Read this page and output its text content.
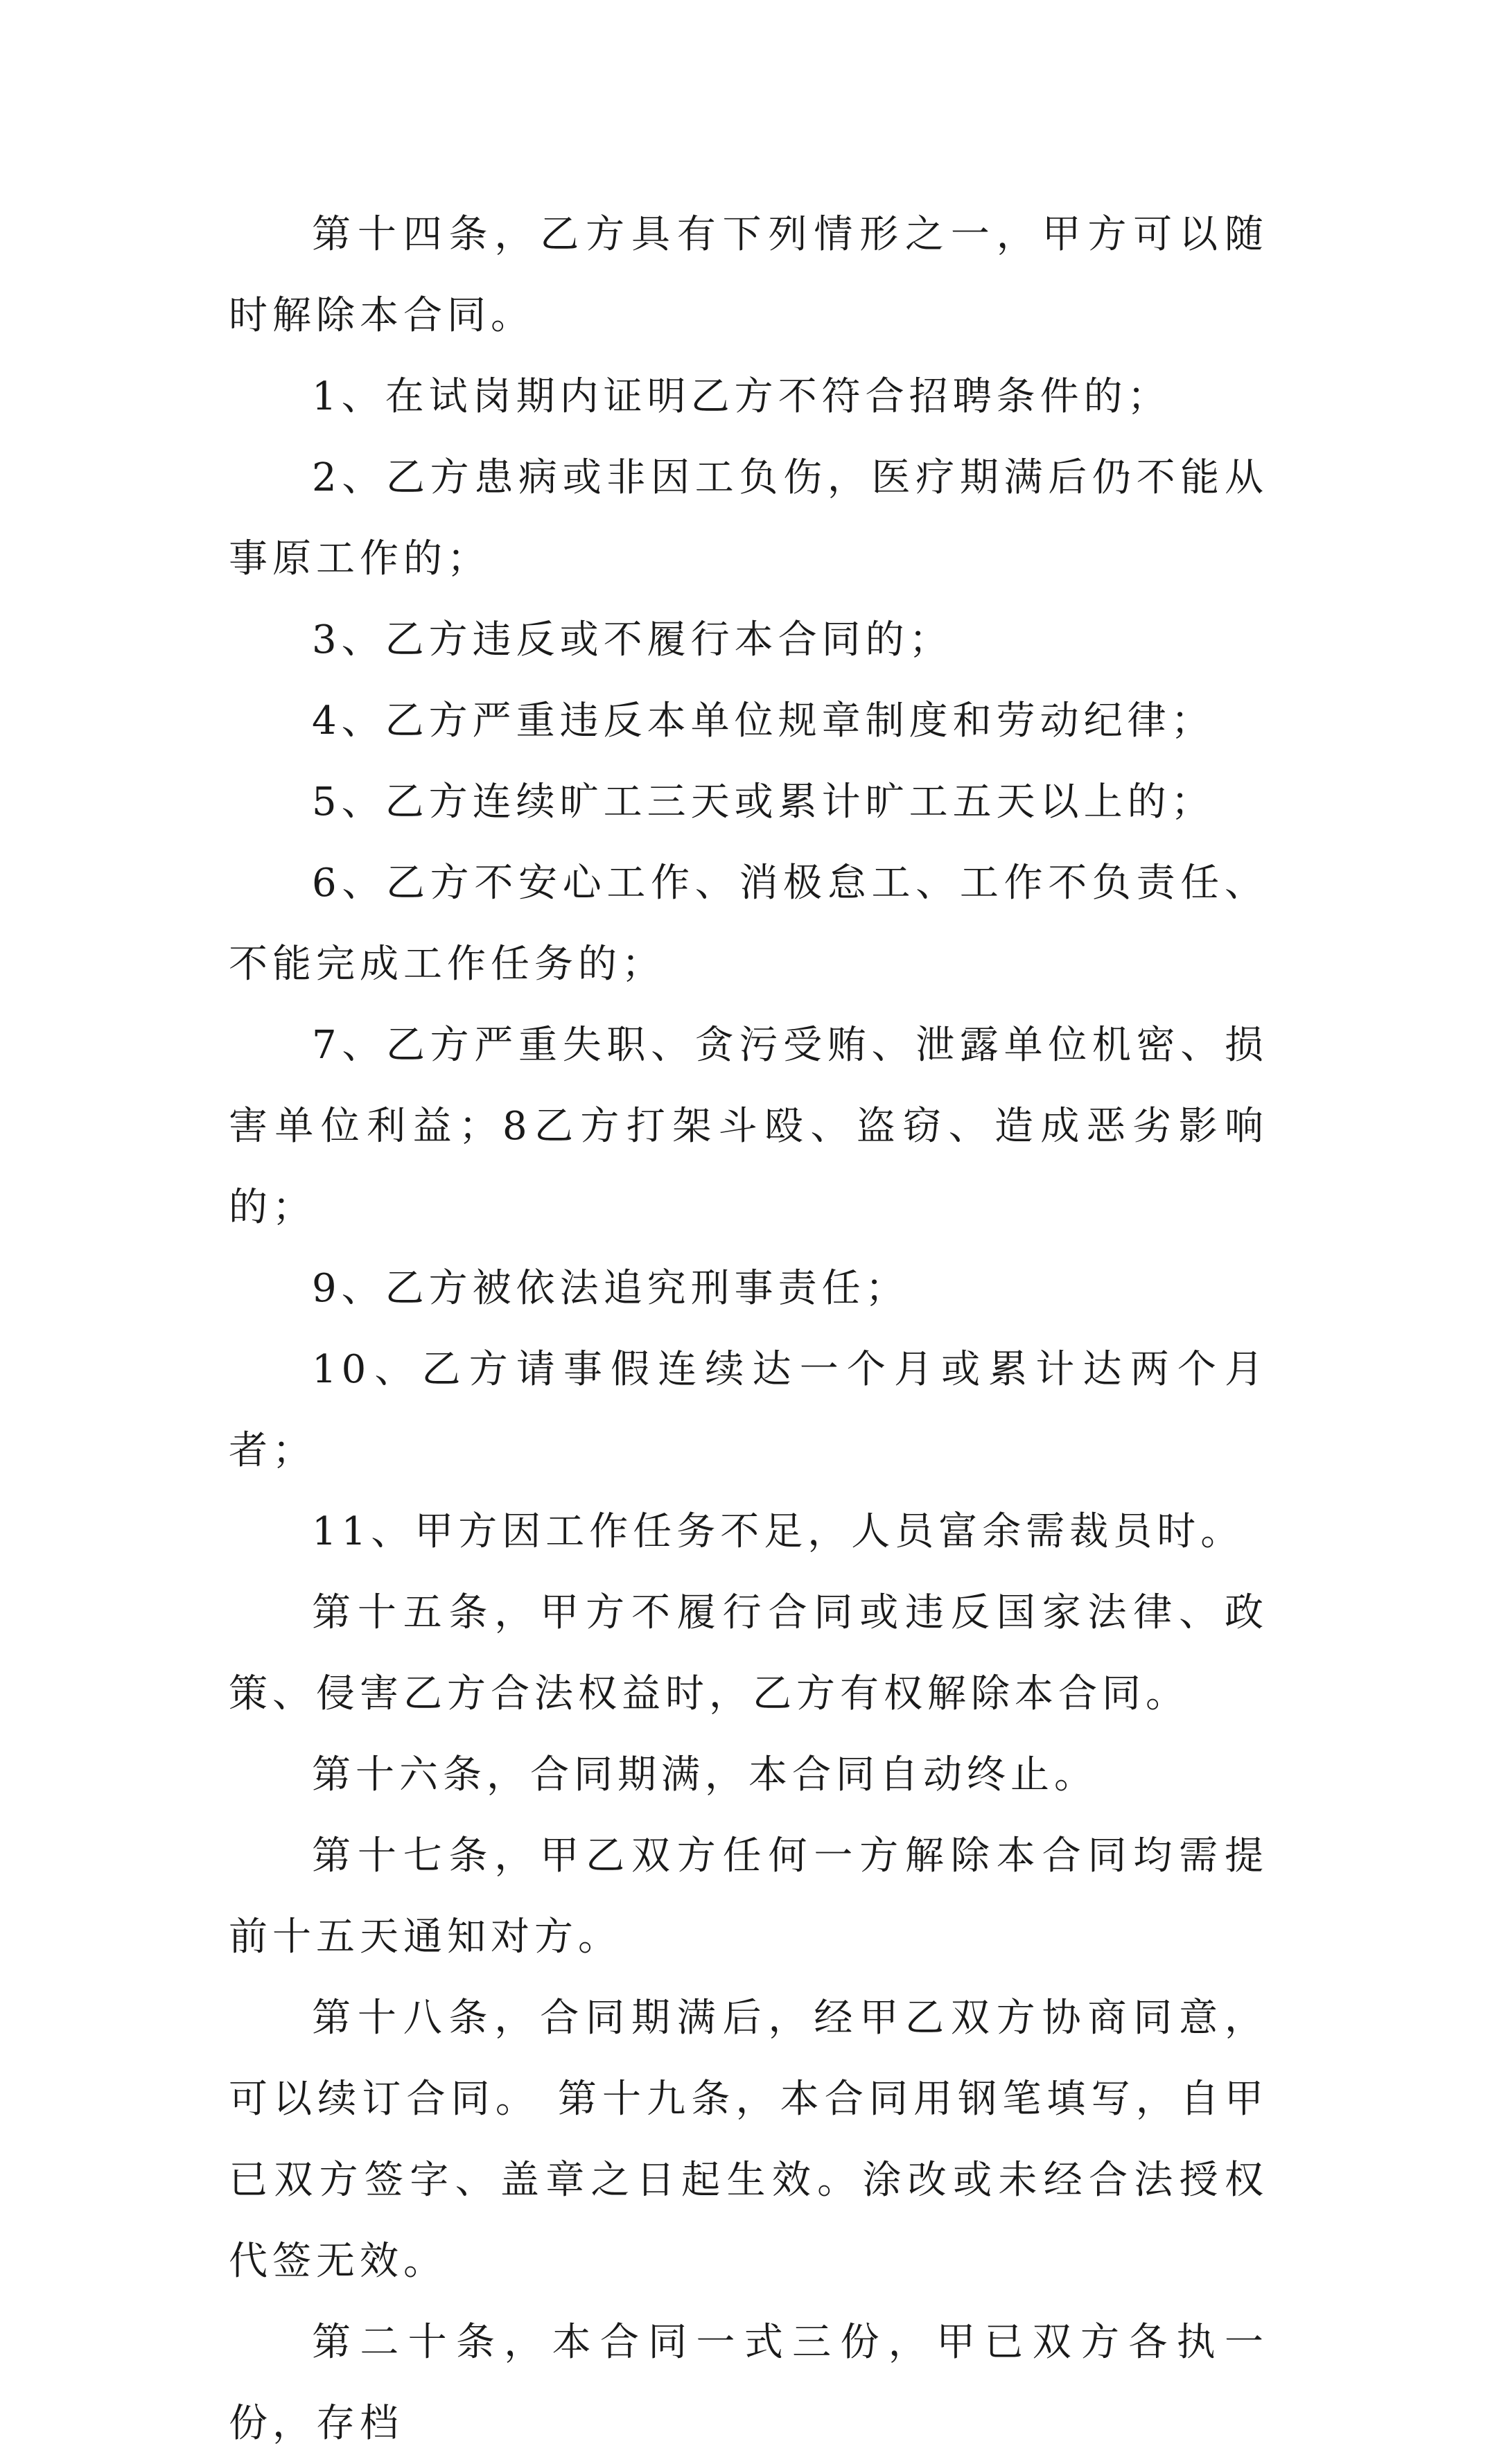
第十四条，乙方具有下列情形之一，甲方可以随时解除本合同。

1、在试岗期内证明乙方不符合招聘条件的；

2、乙方患病或非因工负伤，医疗期满后仍不能从事原工作的；

3、乙方违反或不履行本合同的；

4、乙方严重违反本单位规章制度和劳动纪律；

5、乙方连续旷工三天或累计旷工五天以上的；

6、乙方不安心工作、消极怠工、工作不负责任、不能完成工作任务的；

7、乙方严重失职、贪污受贿、泄露单位机密、损害单位利益；8乙方打架斗殴、盗窃、造成恶劣影响的；

9、乙方被依法追究刑事责任；

10、乙方请事假连续达一个月或累计达两个月者；

11、甲方因工作任务不足，人员富余需裁员时。

第十五条，甲方不履行合同或违反国家法律、政策、侵害乙方合法权益时，乙方有权解除本合同。

第十六条，合同期满，本合同自动终止。

第十七条，甲乙双方任何一方解除本合同均需提前十五天通知对方。

第十八条，合同期满后，经甲乙双方协商同意，可以续订合同。 第十九条，本合同用钢笔填写，自甲已双方签字、盖章之日起生效。涂改或未经合法授权代签无效。

第二十条，本合同一式三份，甲已双方各执一份，存档
